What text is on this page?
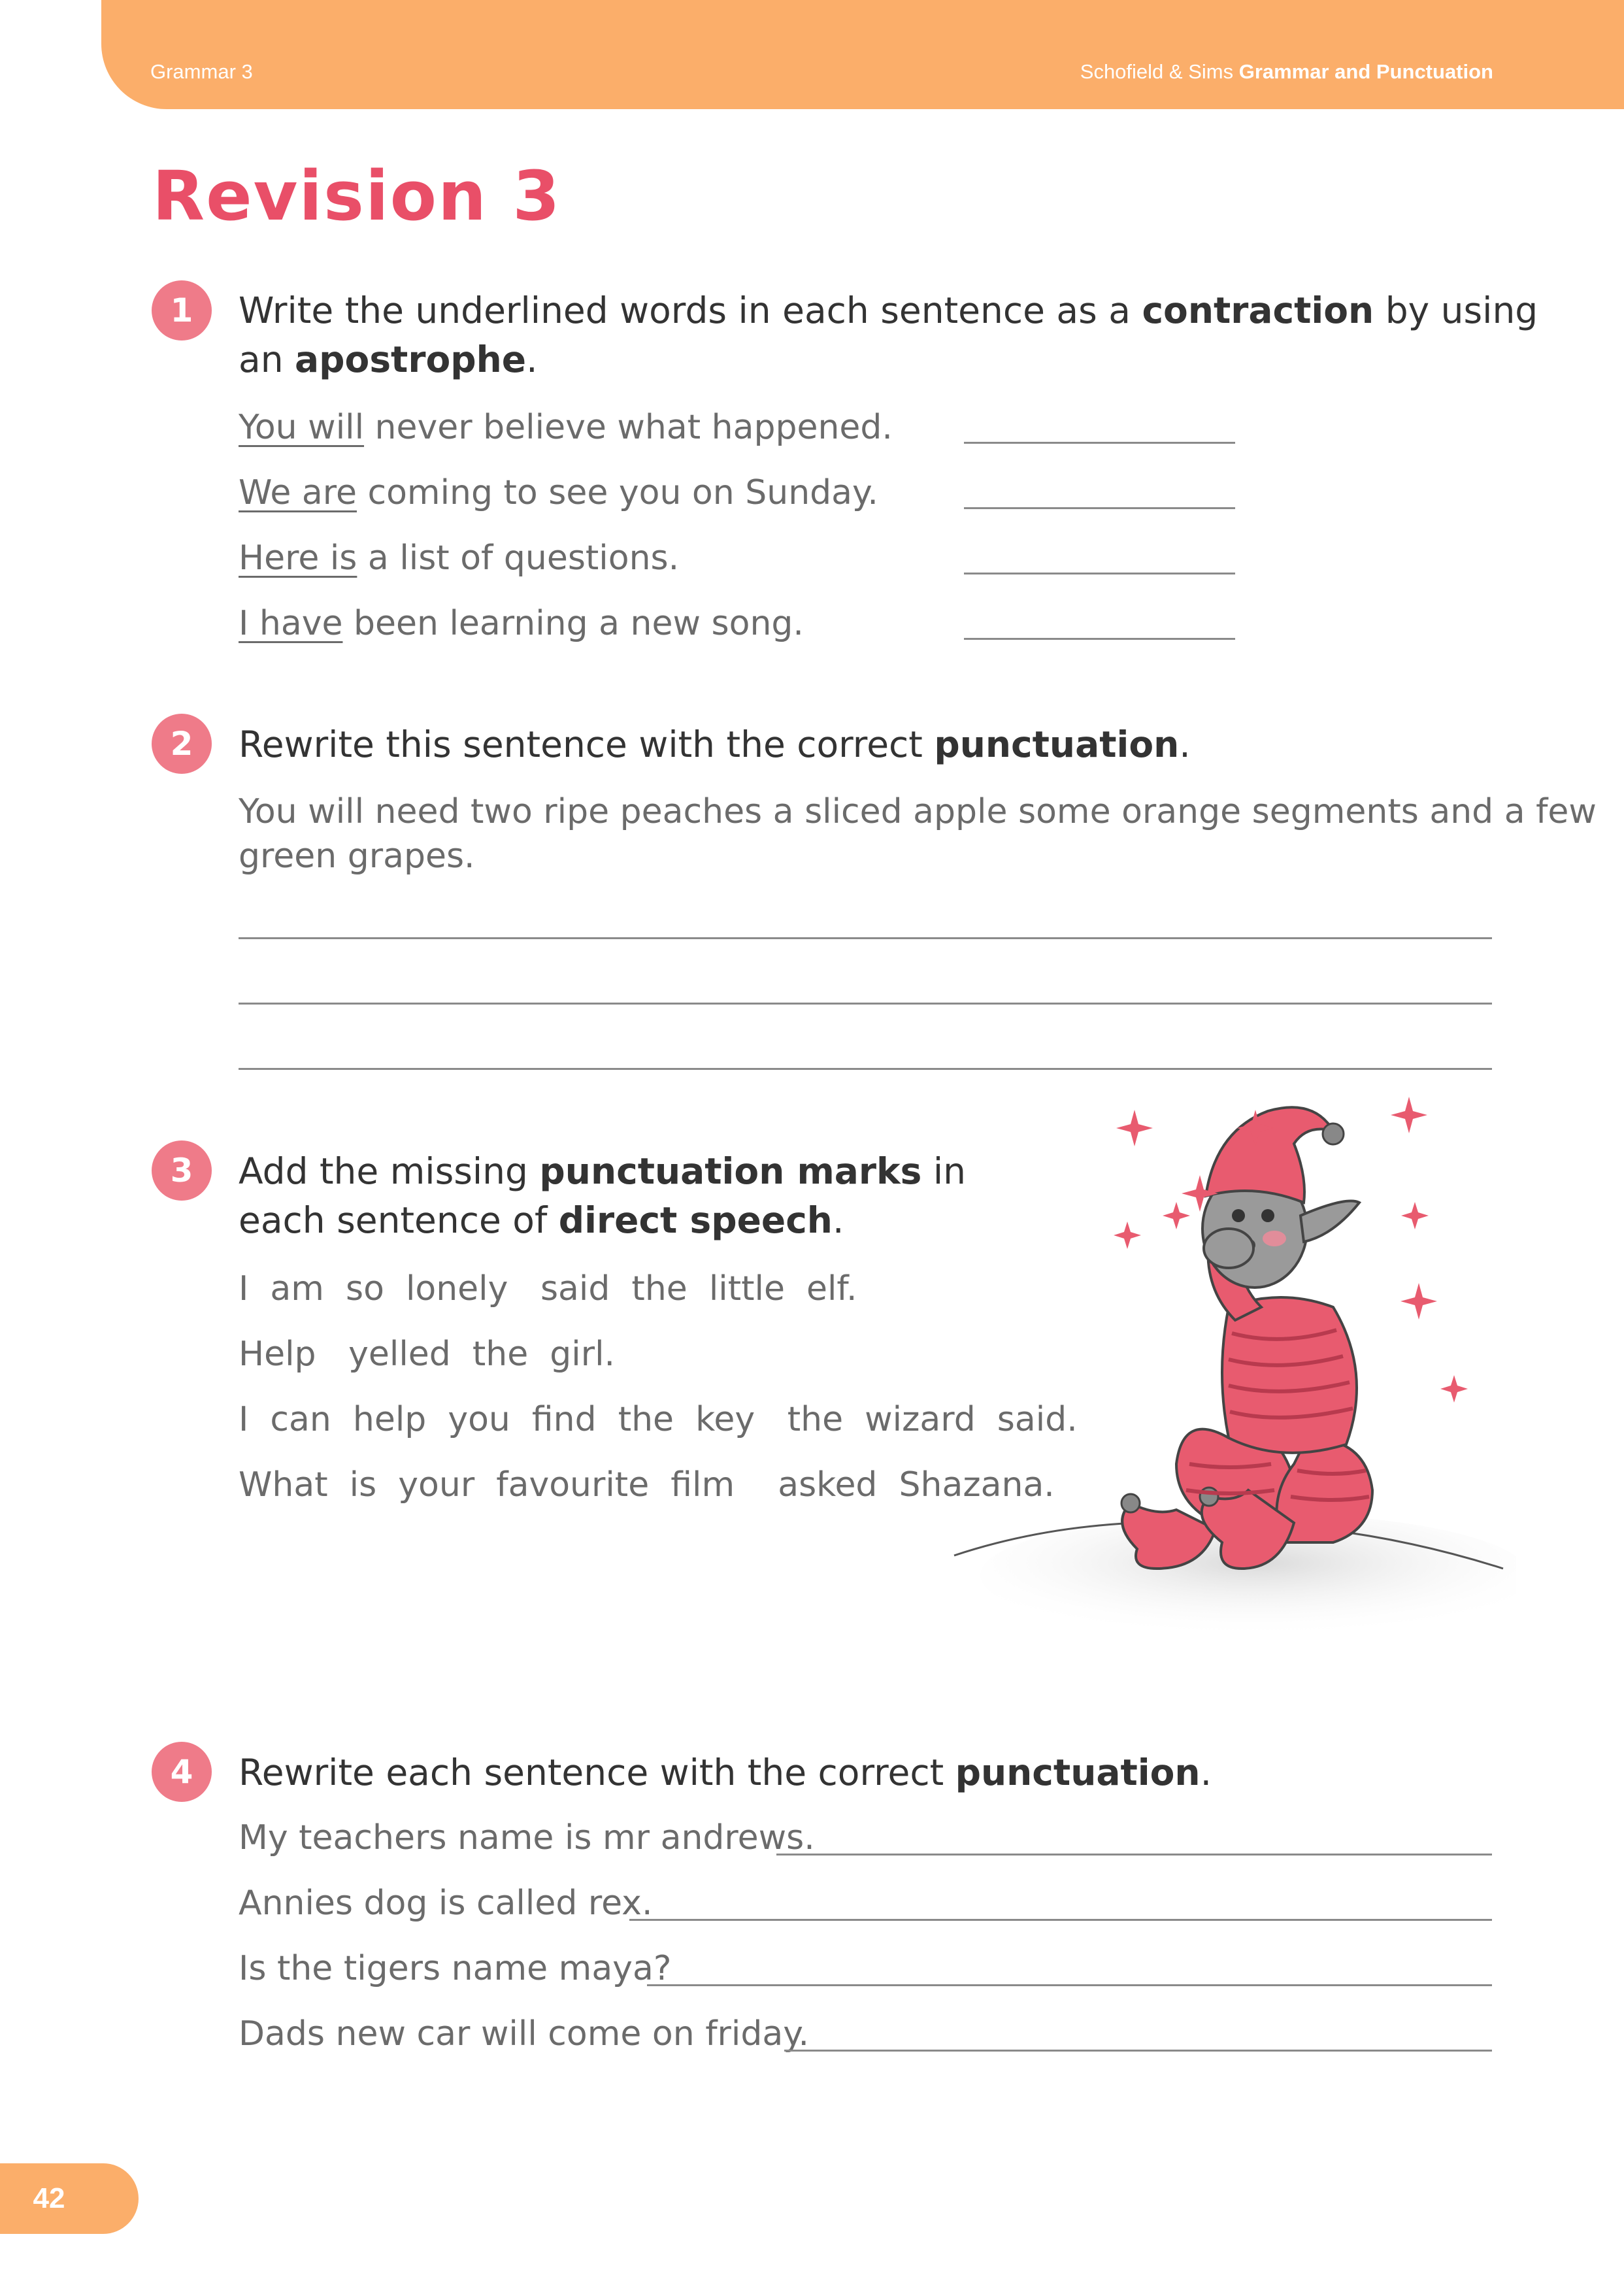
Grammar 3	Schofield & Sims Grammar and Punctuation
Revision 3
1	Write the underlined words in each sentence as a contraction by using
an apostrophe.
You will never believe what happened.
We are coming to see you on Sunday.
Here is a list of questions.
I have been learning a new song.
2	Rewrite this sentence with the correct punctuation.
You will need two ripe peaches a sliced apple some orange segments and a few
green grapes.
3	Add the missing punctuation marks in
each sentence of direct speech.
I  am  so  lonely   said  the  little  elf.
Help   yelled  the  girl.
I  can  help  you  find  the  key   the  wizard  said.
What  is  your  favourite  film    asked  Shazana.
4	Rewrite each sentence with the correct punctuation.
My teachers name is mr andrews.
Annies dog is called rex.
Is the tigers name maya?
Dads new car will come on friday.
42
